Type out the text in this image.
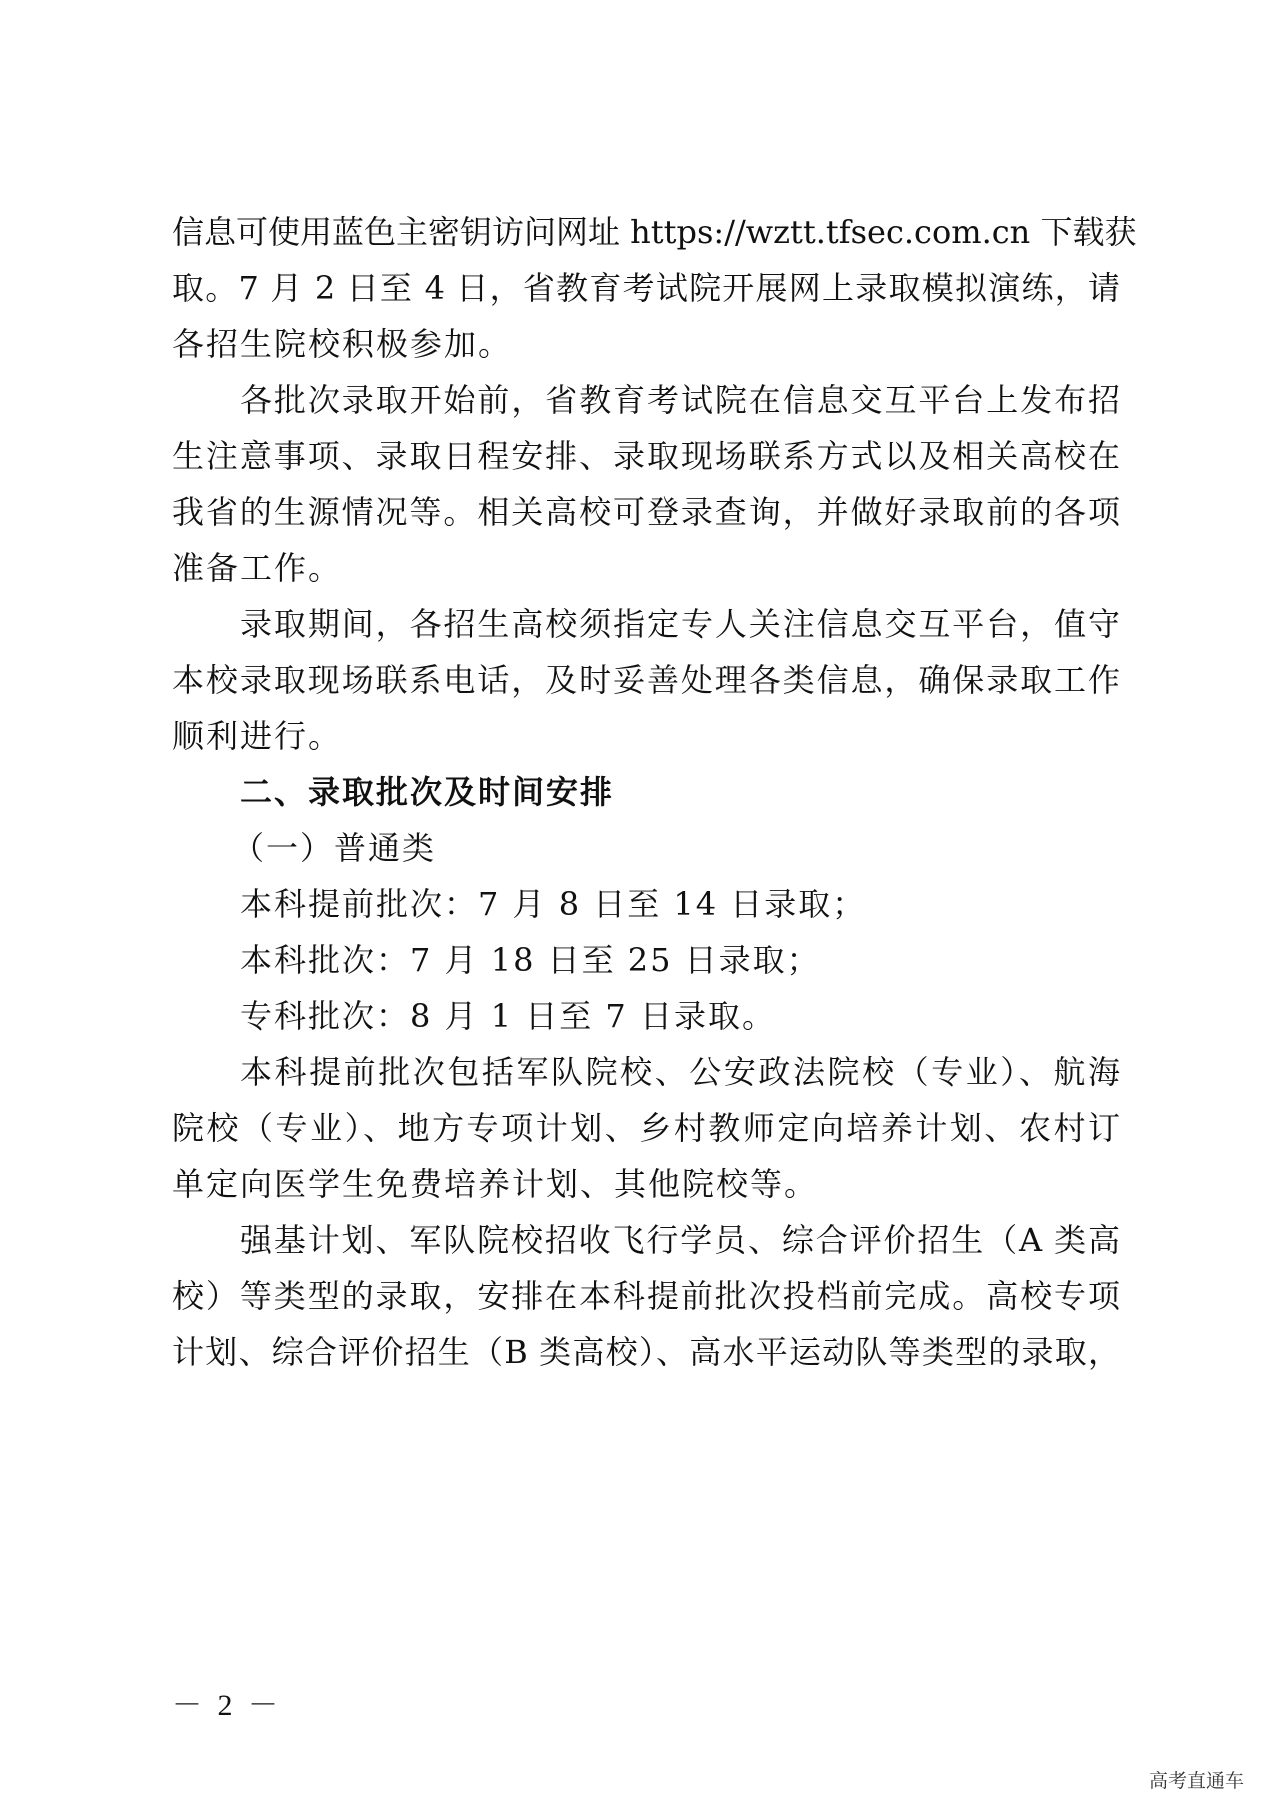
信息可使用蓝色主密钥访问网址 https://wztt.tfsec.com.cn 下载获
取。7 月 2 日至 4 日，省教育考试院开展网上录取模拟演练，请
各招生院校积极参加。
各批次录取开始前，省教育考试院在信息交互平台上发布招
生注意事项、录取日程安排、录取现场联系方式以及相关高校在
我省的生源情况等。相关高校可登录查询，并做好录取前的各项
准备工作。
录取期间，各招生高校须指定专人关注信息交互平台，值守
本校录取现场联系电话，及时妥善处理各类信息，确保录取工作
顺利进行。
二、录取批次及时间安排
（一）普通类
本科提前批次：7 月 8 日至 14 日录取；
本科批次：7 月 18 日至 25 日录取；
专科批次：8 月 1 日至 7 日录取。
本科提前批次包括军队院校、公安政法院校（专业）、航海
院校（专业）、地方专项计划、乡村教师定向培养计划、农村订
单定向医学生免费培养计划、其他院校等。
强基计划、军队院校招收飞行学员、综合评价招生（A 类高
校）等类型的录取，安排在本科提前批次投档前完成。高校专项
计划、综合评价招生（B 类高校）、高水平运动队等类型的录取，
－ 2 －
高考直通车
